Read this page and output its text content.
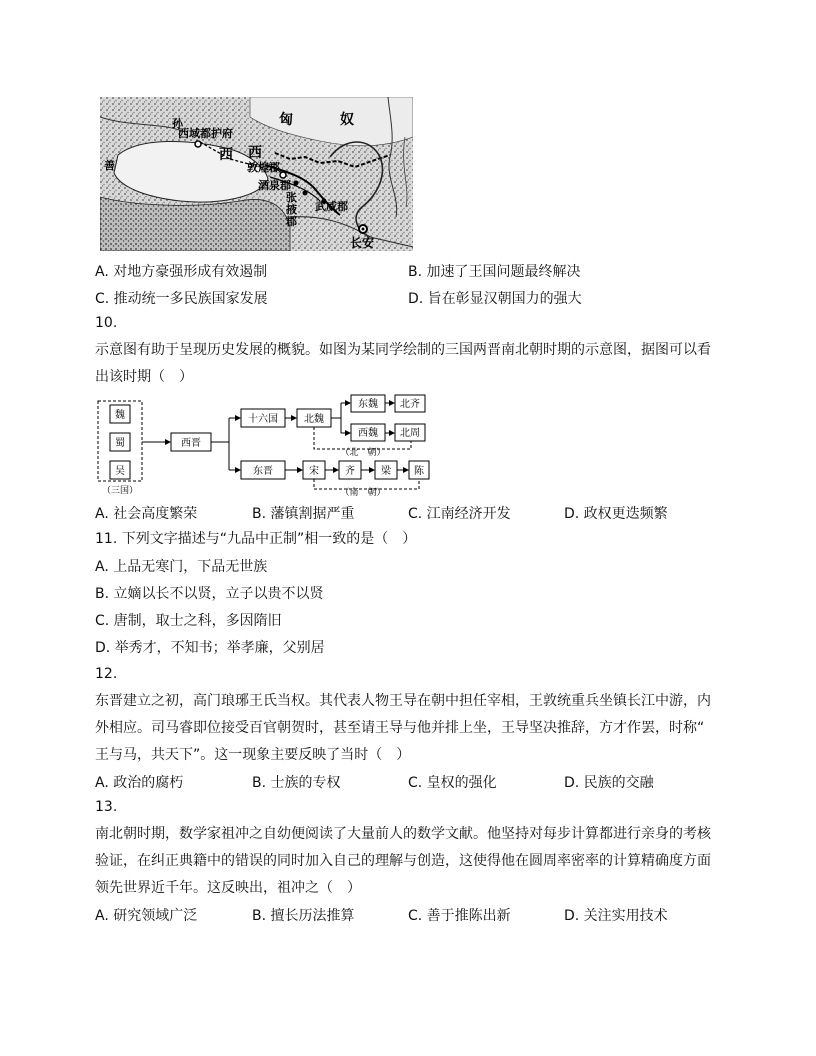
匈	奴
西 西
孙
西域都护府
敦煌郡
酒泉郡
武威郡
长安
善
张
掖
郡
A. 对地方豪强形成有效遏制	B. 加速了王国问题最终解决
C. 推动统一多民族国家发展	D. 旨在彰显汉朝国力的强大
10.
示意图有助于呈现历史发展的概貌。如图为某同学绘制的三国两晋南北朝时期的示意图，据图可以看
出该时期（　）
魏
蜀
吴
（三国）
西晋
十六国	北魏
东魏 北齐
西魏 北周
（北　朝）
东晋	宋	齐	梁 陈
（南　朝）
A. 社会高度繁荣	B. 藩镇割据严重	C. 江南经济开发	D. 政权更迭频繁
11. 下列文字描述与“九品中正制”相一致的是（　）
A. 上品无寒门，下品无世族
B. 立嫡以长不以贤，立子以贵不以贤
C. 唐制，取士之科，多因隋旧
D. 举秀才，不知书；举孝廉，父别居
12.
东晋建立之初，高门琅琊王氏当权。其代表人物王导在朝中担任宰相，王敦统重兵坐镇长江中游，内
外相应。司马睿即位接受百官朝贺时，甚至请王导与他并排上坐，王导坚决推辞，方才作罢，时称“
王与马，共天下”。这一现象主要反映了当时（　）
A. 政治的腐朽	B. 士族的专权	C. 皇权的强化	D. 民族的交融
13.
南北朝时期，数学家祖冲之自幼便阅读了大量前人的数学文献。他坚持对每步计算都进行亲身的考核
验证，在纠正典籍中的错误的同时加入自己的理解与创造，这使得他在圆周率密率的计算精确度方面
领先世界近千年。这反映出，祖冲之（　）
A. 研究领域广泛	B. 擅长历法推算	C. 善于推陈出新	D. 关注实用技术
